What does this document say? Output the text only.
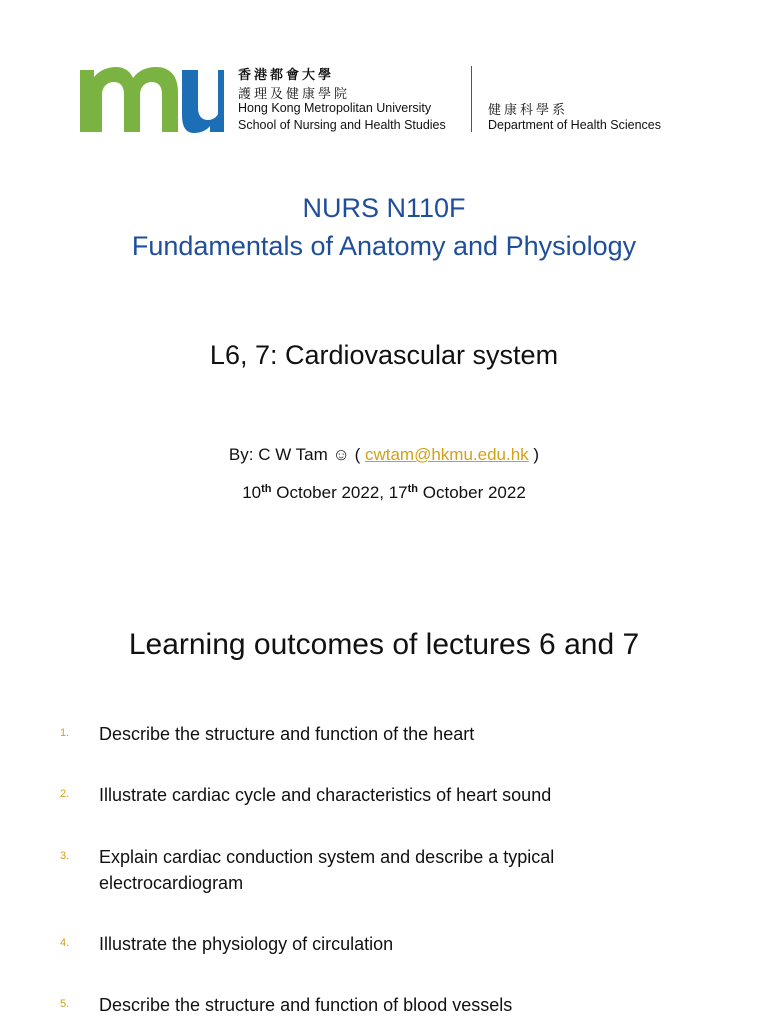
香港都會大學
護理及健康學院
Hong Kong Metropolitan University
School of Nursing and Health Studies
健康科學系
Department of Health Sciences
NURS N110F
Fundamentals of Anatomy and Physiology
L6, 7: Cardiovascular system
By: C W Tam ☺ ( cwtam@hkmu.edu.hk )
10th October 2022, 17th October 2022
Learning outcomes of lectures 6 and 7
1. Describe the structure and function of the heart
2. Illustrate cardiac cycle and characteristics of heart sound
3. Explain cardiac conduction system and describe a typical electrocardiogram
4. Illustrate the physiology of circulation
5. Describe the structure and function of blood vessels
